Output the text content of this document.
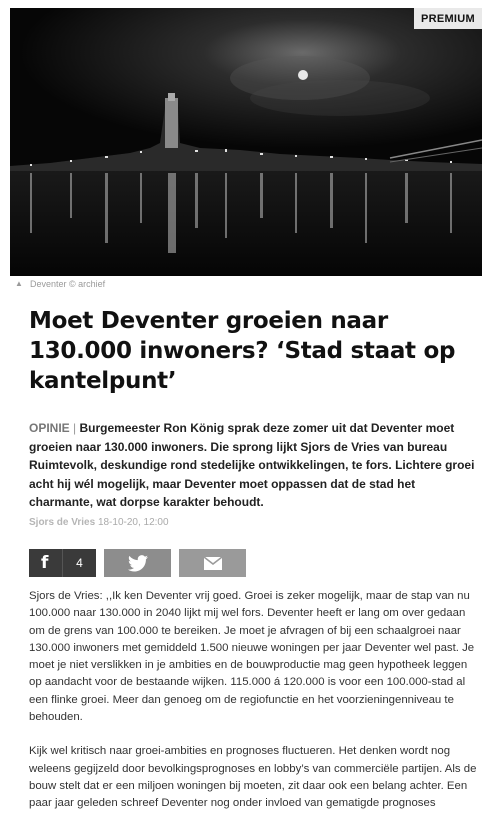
PREMIUM
▲ Deventer © archief
Moet Deventer groeien naar 130.000 inwoners? ‘Stad staat op kantelpunt’

OPINIE | Burgemeester Ron König sprak deze zomer uit dat Deventer moet groeien naar 130.000 inwoners. Die sprong lijkt Sjors de Vries van bureau Ruimtevolk, deskundige rond stedelijke ontwikkelingen, te fors. Lichtere groei acht hij wél mogelijk, maar Deventer moet oppassen dat de stad het charmante, wat dorpse karakter behoudt.

Sjors de Vries 18-10-20, 12:00
f	4

Sjors de Vries: ,,Ik ken Deventer vrij goed. Groei is zeker mogelijk, maar de stap van nu 100.000 naar 130.000 in 2040 lijkt mij wel fors. Deventer heeft er lang om over gedaan om de grens van 100.000 te bereiken. Je moet je afvragen of bij een schaalgroei naar 130.000 inwoners met gemiddeld 1.500 nieuwe woningen per jaar Deventer wel past. Je moet je niet verslikken in je ambities en de bouwproductie mag geen hypotheek leggen op aandacht voor de bestaande wijken. 115.000 á 120.000 is voor een 100.000-stad al een flinke groei. Meer dan genoeg om de regiofunctie en het voorzieningenniveau te behouden.

Kijk wel kritisch naar groei-ambities en prognoses fluctueren. Het denken wordt nog weleens gegijzeld door bevolkingsprognoses en lobby’s van commerciële partijen. Als de bouw stelt dat er een miljoen woningen bij moeten, zit daar ook een belang achter. Een paar jaar geleden schreef Deventer nog onder invloed van gematigde prognoses
